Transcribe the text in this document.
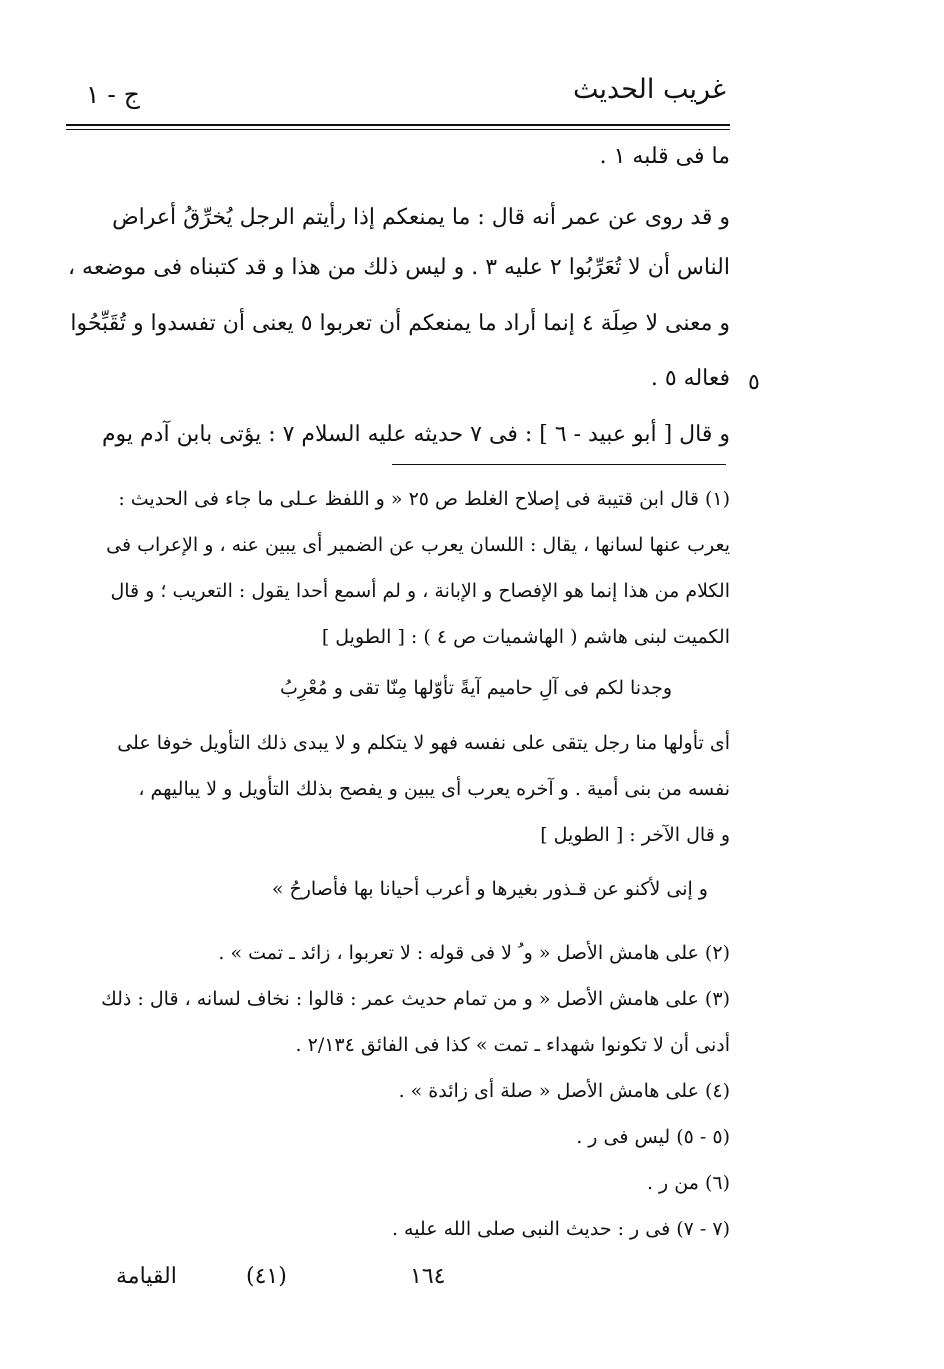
غريب الحديث
ج - ١
ما فى قلبه ١ .
و قد روى عن عمر أنه قال : ما يمنعكم إذا رأيتم الرجل يُخرِّقُ أعراض
الناس أن لا تُعَرِّبُوا ٢ عليه ٣ . و ليس ذلك من هذا و قد كتبناه فى موضعه ،
و معنى لا صِلَة ٤ إنما أراد ما يمنعكم أن تعربوا ٥ يعنى أن تفسدوا و تُقَبِّحُوا
فعاله ٥ . ٥
و قال [ أبو عبيد - ٦ ] : فى ٧ حديثه عليه السلام ٧ : يؤتى بابن آدم يوم
(١) قال ابن قتيبة فى إصلاح الغلط ص ٢٥ « و اللفظ عـلى ما جاء فى الحديث :
يعرب عنها لسانها ، يقال : اللسان يعرب عن الضمير أى يبين عنه ، و الإعراب فى
الكلام من هذا إنما هو الإفصاح و الإبانة ، و لم أسمع أحدا يقول : التعريب ؛ و قال
الكميت لبنى هاشم ( الهاشميات ص ٤ ) : [ الطويل ]
وجدنا لكم فى آلِ حاميم آيةً تأوّلها مِنّا تقى و مُعْرِبُ
أى تأولها منا رجل يتقى على نفسه فهو لا يتكلم و لا يبدى ذلك التأويل خوفا على
نفسه من بنى أمية . و آخره يعرب أى يبين و يفصح بذلك التأويل و لا يباليهم ،
و قال الآخر : [ الطويل ]
و إنى لأكنو عن قـذور بغيرها و أعرب أحيانا بها فأصارحُ »
(٢) على هامش الأصل « و ُ لا فى قوله : لا تعربوا ، زائد ـ تمت » .
(٣) على هامش الأصل « و من تمام حديث عمر : قالوا : نخاف لسانه ، قال : ذلك
أدنى أن لا تكونوا شهداء ـ تمت » كذا فى الفائق ٢/١٣٤ .
(٤) على هامش الأصل « صلة أى زائدة » .
(٥ - ٥) ليس فى ر .
(٦) من ر .
(٧ - ٧) فى ر : حديث النبى صلى الله عليه .
القيامة	(٤١)	١٦٤
